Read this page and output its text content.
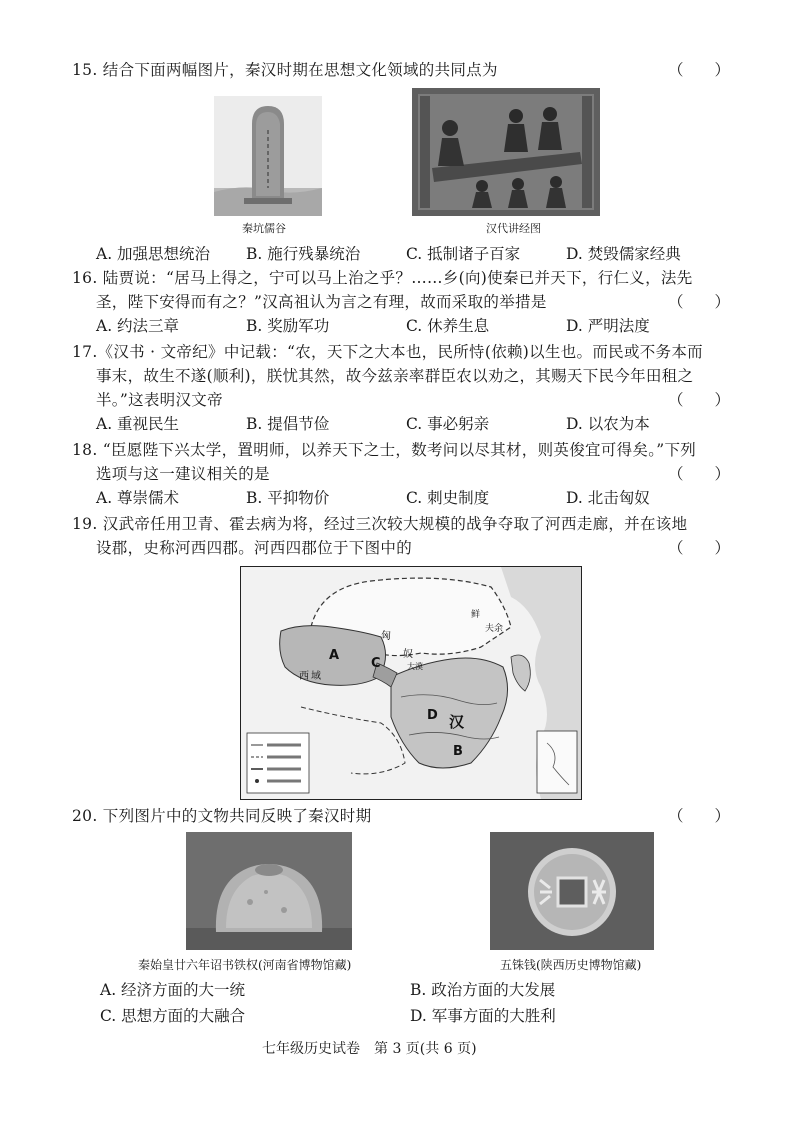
15. 结合下面两幅图片，秦汉时期在思想文化领域的共同点为	（　　）
秦坑儒谷	汉代讲经图
A. 加强思想统治 B. 施行残暴统治	C. 抵制诸子百家	D. 焚毁儒家经典
16. 陆贾说：“居马上得之，宁可以马上治之乎？……乡(向)使秦已并天下，行仁义，法先
圣，陛下安得而有之？”汉高祖认为言之有理，故而采取的举措是	（　　）
A. 约法三章	B. 奖励军功	C. 休养生息	D. 严明法度
17.《汉书 · 文帝纪》中记载：“农，天下之大本也，民所恃(依赖)以生也。而民或不务本而
事末，故生不遂(顺利)，朕忧其然，故今兹亲率群臣农以劝之，其赐天下民今年田租之
半。”这表明汉文帝	（　　）
A. 重视民生	B. 提倡节俭	C. 事必躬亲	D. 以农为本
18. “臣愿陛下兴太学，置明师，以养天下之士，数考问以尽其材，则英俊宜可得矣。”下列
选项与这一建议相关的是	（　　）
A. 尊崇儒术	B. 平抑物价	C. 刺史制度	D. 北击匈奴
19. 汉武帝任用卫青、霍去病为将，经过三次较大规模的战争夺取了河西走廊，并在该地
设郡，史称河西四郡。河西四郡位于下图中的	（　　）
A
B
C
D
匈
奴
汉
西 域
大漠
鲜
夫余
20. 下列图片中的文物共同反映了秦汉时期	（　　）
秦始皇廿六年诏书铁权(河南省博物馆藏)	五铢钱(陕西历史博物馆藏)
A. 经济方面的大一统	B. 政治方面的大发展
C. 思想方面的大融合	D. 军事方面的大胜利
七年级历史试卷　第 3 页(共 6 页)
